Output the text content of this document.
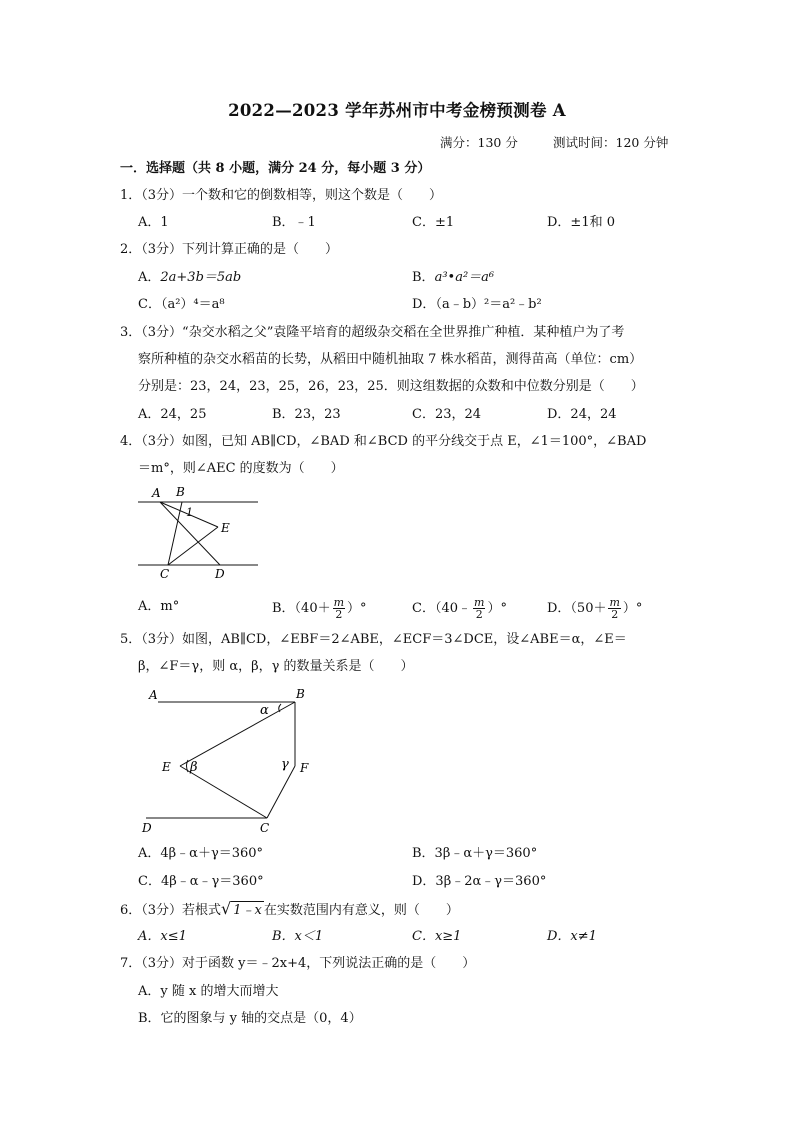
2022—2023 学年苏州市中考金榜预测卷 A
满分：130 分	测试时间：120 分钟
一．选择题（共 8 小题，满分 24 分，每小题 3 分）
1．（3分）一个数和它的倒数相等，则这个数是（　　）
A．1	B．﹣1	C．±1	D．±1和 0
2．（3分）下列计算正确的是（　　）
A．2a+3b＝5ab	B．a³•a²＝a⁶
C．（a²）⁴＝a⁸	D．（a﹣b）²＝a²﹣b²
3．（3分）“杂交水稻之父”袁隆平培育的超级杂交稻在全世界推广种植．某种植户为了考
察所种植的杂交水稻苗的长势，从稻田中随机抽取 7 株水稻苗，测得苗高（单位：cm）
分别是：23，24，23，25，26，23，25．则这组数据的众数和中位数分别是（　　）
A．24，25	B．23，23	C．23，24	D．24，24
4．（3分）如图，已知 AB∥CD，∠BAD 和∠BCD 的平分线交于点 E，∠1＝100°，∠BAD
＝m°，则∠AEC 的度数为（　　）
A B
1
E
C	D
A．m°	B．（$40+ \frac{m}{2}$ ）°	C．（40﹣ $\frac{m}{2}$ ）°	D．（$50+ \frac{m}{2}$ ）°
5．（3分）如图，AB∥CD，∠EBF＝2∠ABE，∠ECF＝3∠DCE，设∠ABE＝α，∠E＝
β，∠F＝γ，则 α，β，γ 的数量关系是（　　）
A	B
α
E β	γ F
D	C
A．4β﹣α＋γ＝360°	B．3β﹣α＋γ＝360°
C．4β﹣α﹣γ＝360°	D．3β﹣2α﹣γ＝360°
6．（3分）若根式√ 1﹣x 在实数范围内有意义，则（　　）
A．x≤1	B．x＜1	C．x≥1	D．x≠1
7．（3分）对于函数 y＝﹣2x+4，下列说法正确的是（　　）
A．y 随 x 的增大而增大
B．它的图象与 y 轴的交点是（0，4）
